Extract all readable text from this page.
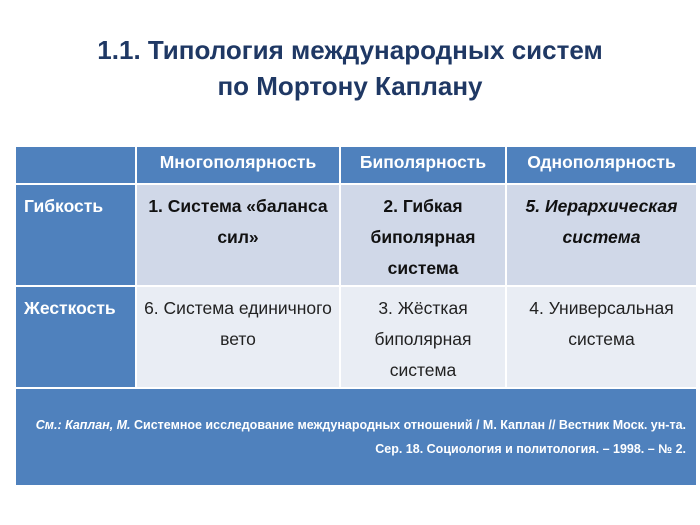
1.1. Типология международных систем
по Мортону Каплану
	Многополярность	Биполярность	Однополярность
Гибкость	1. Система «баланса сил»	2. Гибкая биполярная система	5. Иерархическая система
Жесткость	6. Система единичного вето	3. Жёсткая биполярная система	4. Универсальная система
См.: Каплан, М. Системное исследование международных отношений / М. Каплан // Вестник Моск. ун-та. Сер. 18. Социология и политология. – 1998. – № 2.			
